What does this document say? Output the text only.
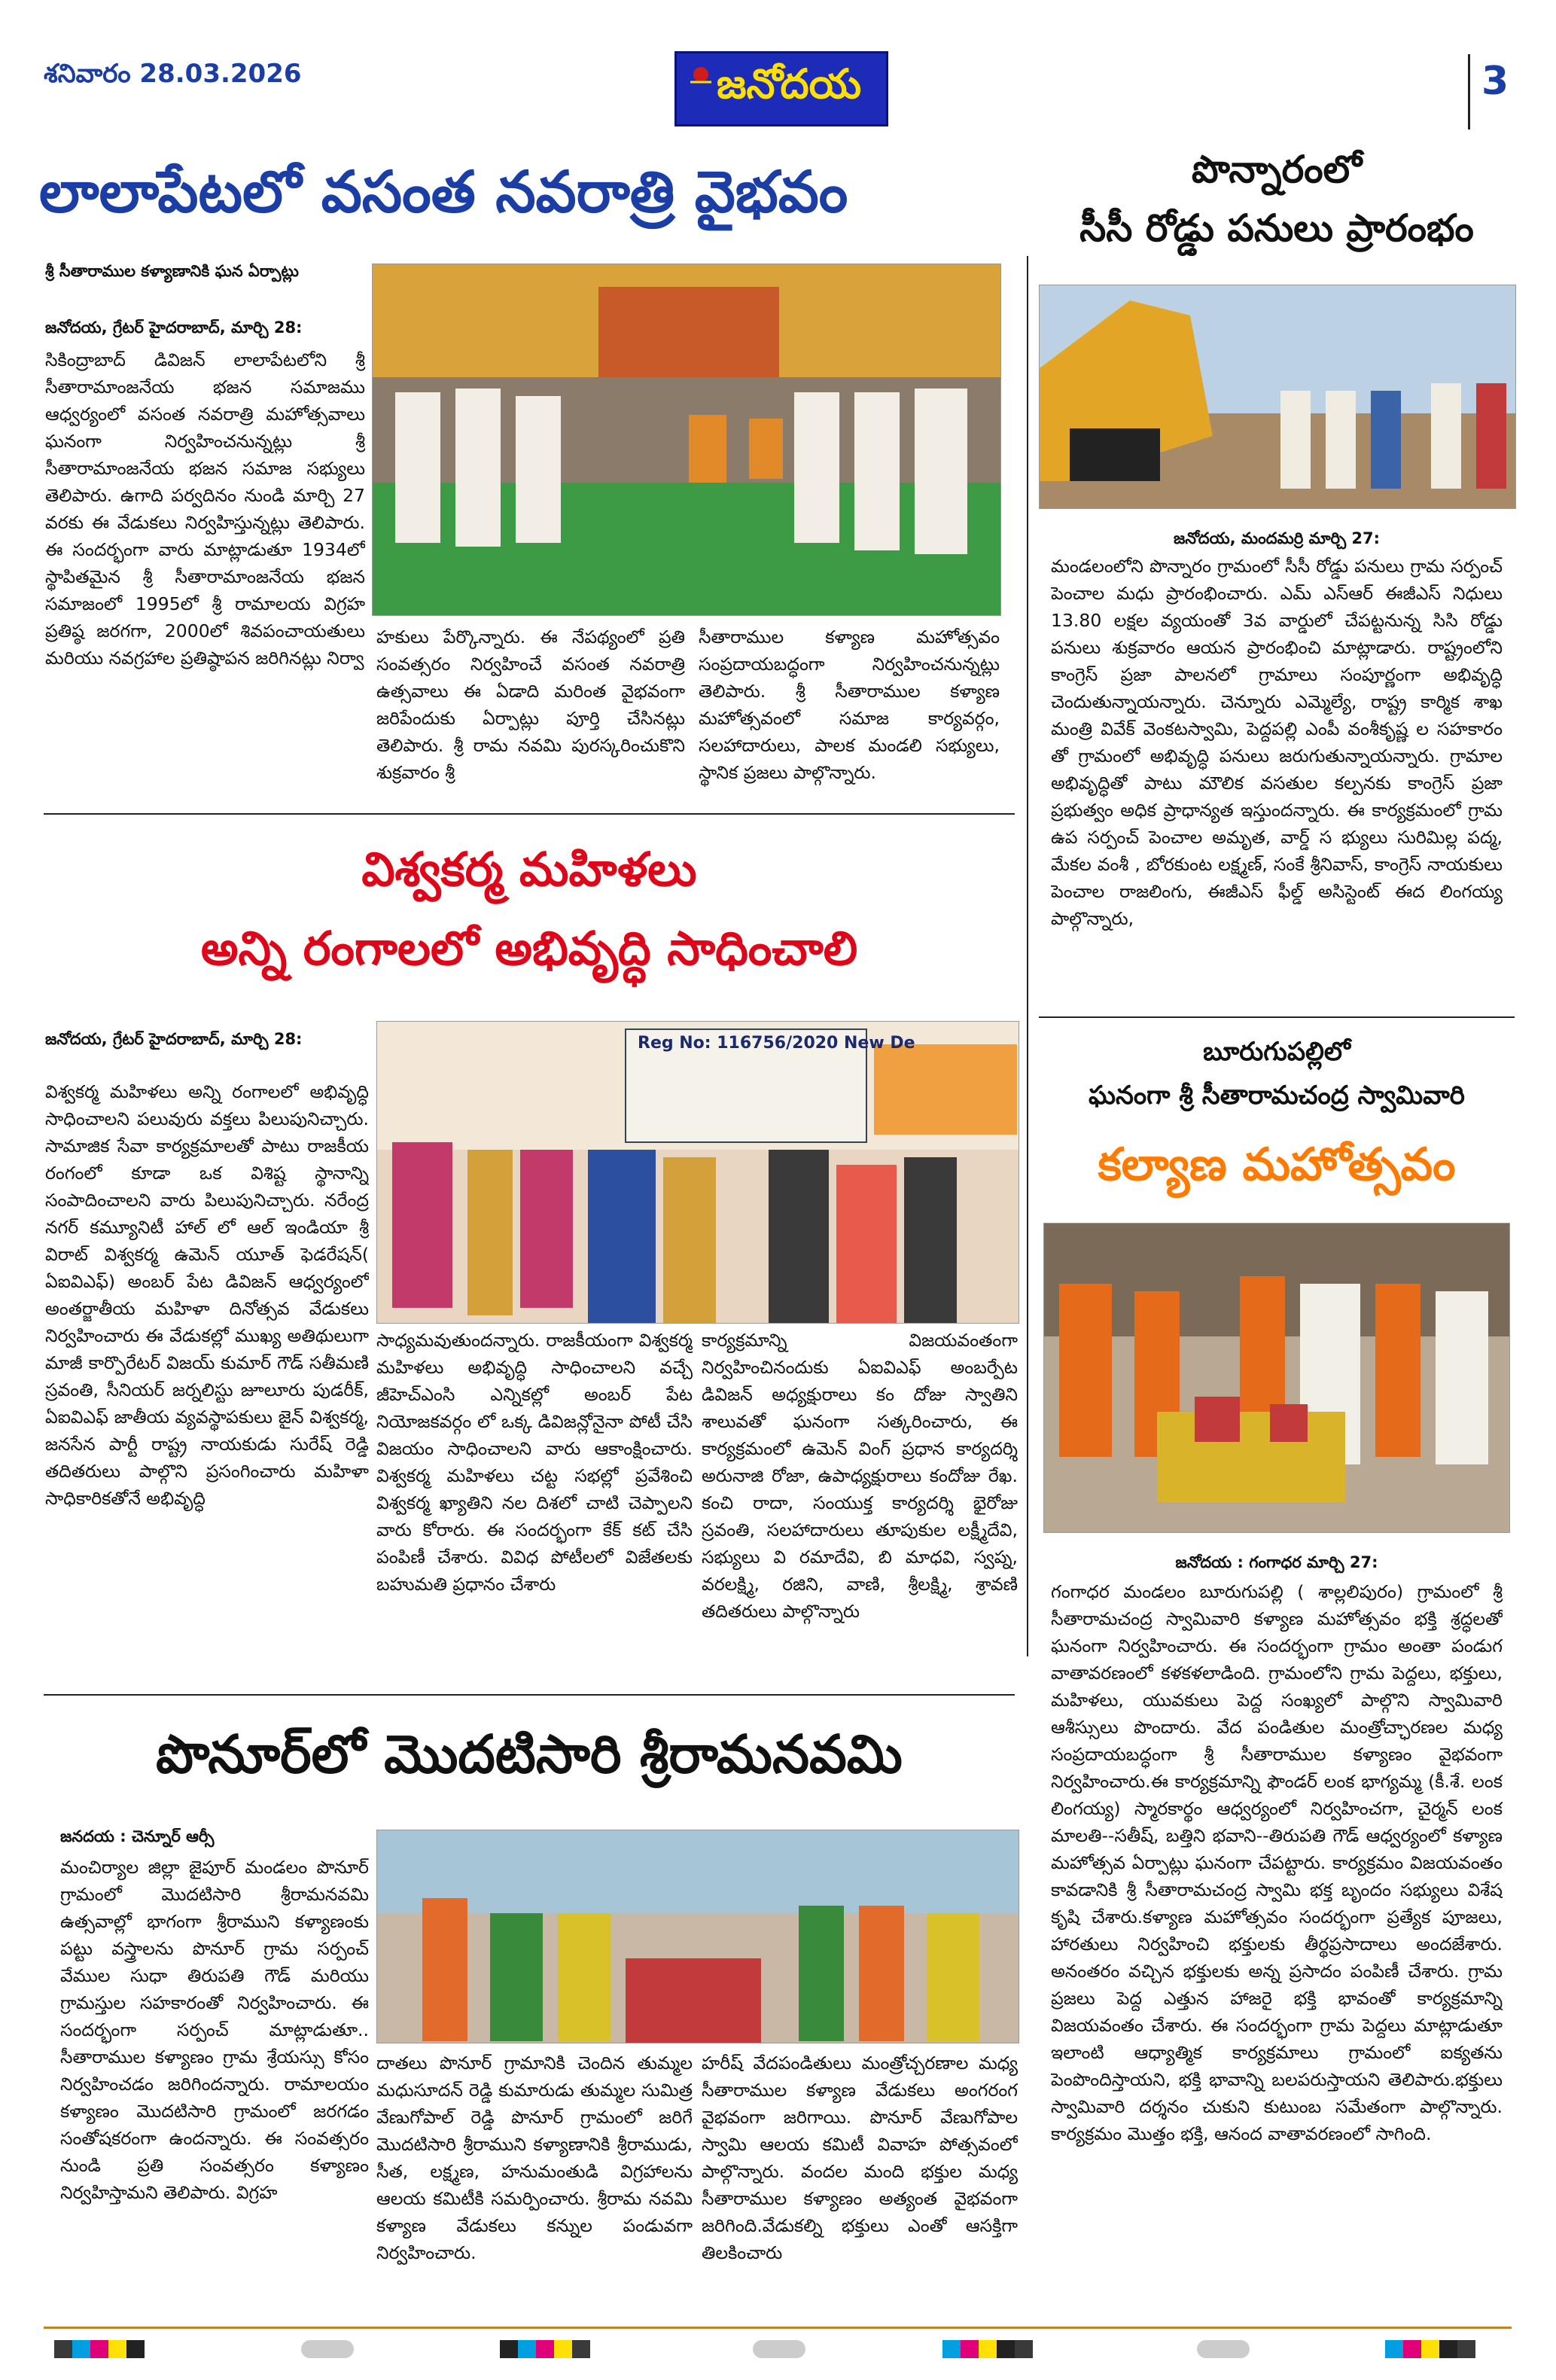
శనివారం 28.03.2026	జనోదయ	3
లాలాపేటలో వసంత నవరాత్రి వైభవం
శ్రీ సీతారాముల కళ్యాణానికి ఘన ఏర్పాట్లు
జనోదయ, గ్రేటర్ హైదరాబాద్, మార్చి 28:

సికింద్రాబాద్ డివిజన్ లాలాపేటలోని శ్రీ సీతారామాంజనేయ భజన సమాజము ఆధ్వర్యంలో వసంత నవరాత్రి మహోత్సవాలు ఘనంగా నిర్వహించనున్నట్లు శ్రీ సీతారామాంజనేయ భజన సమాజ సభ్యులు తెలిపారు. ఉగాది పర్వదినం నుండి మార్చి 27 వరకు ఈ వేడుకలు నిర్వహిస్తున్నట్లు తెలిపారు. ఈ సందర్భంగా వారు మాట్లాడుతూ 1934లో స్థాపితమైన శ్రీ సీతారామాంజనేయ భజన సమాజంలో 1995లో శ్రీ రామాలయ విగ్రహ ప్రతిష్ఠ జరగగా, 2000లో శివపంచాయతులు మరియు నవగ్రహాల ప్రతిష్ఠాపన జరిగినట్లు నిర్వా

హకులు పేర్కొన్నారు. ఈ నేపథ్యంలో ప్రతి సంవత్సరం నిర్వహించే వసంత నవరాత్రి ఉత్సవాలు ఈ ఏడాది మరింత వైభవంగా జరిపేందుకు ఏర్పాట్లు పూర్తి చేసినట్లు తెలిపారు. శ్రీ రామ నవమి పురస్కరించుకొని శుక్రవారం శ్రీ

సీతారాముల కళ్యాణ మహోత్సవం సంప్రదాయబద్ధంగా నిర్వహించనున్నట్లు తెలిపారు. శ్రీ సీతారాముల కళ్యాణ మహోత్సవంలో సమాజ కార్యవర్గం, సలహాదారులు, పాలక మండలి సభ్యులు, స్థానిక ప్రజలు పాల్గొన్నారు.

విశ్వకర్మ మహిళలు
అన్ని రంగాలలో అభివృద్ధి సాధించాలి
జనోదయ, గ్రేటర్ హైదరాబాద్, మార్చి 28:

విశ్వకర్మ మహిళలు అన్ని రంగాలలో అభివృద్ధి సాధించాలని పలువురు వక్తలు పిలుపునిచ్చారు. సామాజిక సేవా కార్యక్రమాలతో పాటు రాజకీయ రంగంలో కూడా ఒక విశిష్ట స్థానాన్ని సంపాదించాలని వారు పిలుపునిచ్చారు. నరేంద్ర నగర్ కమ్యూనిటీ హాల్ లో ఆల్ ఇండియా శ్రీ విరాట్ విశ్వకర్మ ఉమెన్ యూత్ ఫెడరేషన్( ఏఐవిఎఫ్) అంబర్ పేట డివిజన్ ఆధ్వర్యంలో అంతర్జాతీయ మహిళా దినోత్సవ వేడుకలు నిర్వహించారు ఈ వేడుకల్లో ముఖ్య అతిథులుగా మాజీ కార్పొరేటర్ విజయ్ కుమార్ గౌడ్ సతీమణి స్రవంతి, సీనియర్ జర్నలిస్టు జూలూరు పుడరీక్, ఏఐవిఎఫ్ జాతీయ వ్యవస్థాపకులు జైన్ విశ్వకర్మ, జనసేన పార్టీ రాష్ట్ర నాయకుడు సురేష్ రెడ్డి తదితరులు పాల్గొని ప్రసంగించారు మహిళా సాధికారికతోనే అభివృద్ధి

Reg No: 116756/2020 New De

సాధ్యమవుతుందన్నారు. రాజకీయంగా విశ్వకర్మ మహిళలు అభివృద్ధి సాధించాలని వచ్చే జీహెచ్ఎంసి ఎన్నికల్లో అంబర్ పేట నియోజకవర్గం లో ఒక్క డివిజన్లోనైనా పోటీ చేసి విజయం సాధించాలని వారు ఆకాంక్షించారు. విశ్వకర్మ మహిళలు చట్ట సభల్లో ప్రవేశించి విశ్వకర్మ ఖ్యాతిని నల దిశలో చాటి చెప్పాలని వారు కోరారు. ఈ సందర్భంగా కేక్ కట్ చేసి పంపిణీ చేశారు. వివిధ పోటీలలో విజేతలకు బహుమతి ప్రధానం చేశారు

కార్యక్రమాన్ని విజయవంతంగా నిర్వహించినందుకు ఏఐవిఎఫ్ అంబర్పేట డివిజన్ అధ్యక్షురాలు కం దోజు స్వాతిని శాలువతో ఘనంగా సత్కరించారు, ఈ కార్యక్రమంలో ఉమెన్ వింగ్ ప్రధాన కార్యదర్శి అరునాజి రోజా, ఉపాధ్యక్షురాలు కందోజు రేఖ. కంచి రాదా, సంయుక్త కార్యదర్శి భైరోజు స్రవంతి, సలహాదారులు తూపుకుల లక్ష్మీదేవి, సభ్యులు వి రమాదేవి, బి మాధవి, స్వప్న, వరలక్ష్మి, రజిని, వాణి, శ్రీలక్ష్మి, శ్రావణి తదితరులు పాల్గొన్నారు

పొనూర్‌లో మొదటిసారి శ్రీరామనవమి
జనదయ : చెన్నూర్ ఆర్సీ

మంచిర్యాల జిల్లా జైపూర్ మండలం పొనూర్ గ్రామంలో మొదటిసారి శ్రీరామనవమి ఉత్సవాల్లో భాగంగా శ్రీరాముని కళ్యాణంకు పట్టు వస్త్రాలను పొనూర్ గ్రామ సర్పంచ్ వేముల సుధా తిరుపతి గౌడ్ మరియు గ్రామస్తుల సహకారంతో నిర్వహించారు. ఈ సందర్భంగా సర్పంచ్ మాట్లాడుతూ.. సీతారాముల కళ్యాణం గ్రామ శ్రేయస్సు కోసం నిర్వహించడం జరిగిందన్నారు. రామాలయం కళ్యాణం మొదటిసారి గ్రామంలో జరగడం సంతోషకరంగా ఉందన్నారు. ఈ సంవత్సరం నుండి ప్రతి సంవత్సరం కళ్యాణం నిర్వహిస్తామని తెలిపారు. విగ్రహ

దాతలు పొనూర్ గ్రామానికి చెందిన తుమ్మల మధుసూదన్ రెడ్డి కుమారుడు తుమ్మల సుమిత్ర వేణుగోపాల్ రెడ్డి పొనూర్ గ్రామంలో జరిగే మొదటిసారి శ్రీరాముని కళ్యాణానికి శ్రీరాముడు, సీత, లక్ష్మణ, హనుమంతుడి విగ్రహాలను ఆలయ కమిటీకి సమర్పించారు. శ్రీరామ నవమి కళ్యాణ వేడుకలు కన్నుల పండువగా నిర్వహించారు.

హరీష్ వేదపండితులు మంత్రోచ్చరణాల మధ్య సీతారాముల కళ్యాణ వేడుకలు అంగరంగ వైభవంగా జరిగాయి. పొనూర్ వేణుగోపాల స్వామి ఆలయ కమిటీ వివాహ పోత్సవంలో పాల్గొన్నారు. వందల మంది భక్తుల మధ్య సీతారాముల కళ్యాణం అత్యంత వైభవంగా జరిగింది.వేడుకల్ని భక్తులు ఎంతో ఆసక్తిగా తిలకించారు

పొన్నారంలో
సీసీ రోడ్డు పనులు ప్రారంభం
జనోదయ, మందమర్రి మార్చి 27:

మండలంలోని పొన్నారం గ్రామంలో సీసీ రోడ్డు పనులు గ్రామ సర్పంచ్ పెంచాల మధు ప్రారంభించారు. ఎమ్ ఎస్ఆర్ ఈజీఎస్ నిధులు 13.80 లక్షల వ్యయంతో 3వ వార్డులో చేపట్టనున్న సిసి రోడ్డు పనులు శుక్రవారం ఆయన ప్రారంభించి మాట్లాడారు. రాష్ట్రంలోని కాంగ్రెస్ ప్రజా పాలనలో గ్రామాలు సంపూర్ణంగా అభివృద్ధి చెందుతున్నాయన్నారు. చెన్నూరు ఎమ్మెల్యే, రాష్ట్ర కార్మిక శాఖ మంత్రి వివేక్ వెంకటస్వామి, పెద్దపల్లి ఎంపీ వంశీకృష్ణ ల సహకారం తో గ్రామంలో అభివృద్ధి పనులు జరుగుతున్నాయన్నారు. గ్రామాల అభివృద్ధితో పాటు మౌలిక వసతుల కల్పనకు కాంగ్రెస్ ప్రజా ప్రభుత్వం అధిక ప్రాధాన్యత ఇస్తుందన్నారు. ఈ కార్యక్రమంలో గ్రామ ఉప సర్పంచ్ పెంచాల అమృత, వార్డ్ స భ్యులు సురిమిల్ల పద్మ, మేకల వంశీ , బోరకుంట లక్ష్మణ్, సంకే శ్రీనివాస్, కాంగ్రెస్ నాయకులు పెంచాల రాజలింగు, ఈజీఎస్ ఫీల్డ్ అసిస్టెంట్ ఈద లింగయ్య పాల్గొన్నారు,

బూరుగుపల్లిలో
ఘనంగా శ్రీ సీతారామచంద్ర స్వామివారి
కల్యాణ మహోత్సవం
జనోదయ : గంగాధర మార్చి 27:

గంగాధర మండలం బూరుగుపల్లి ( శాల్లలిపురం) గ్రామంలో శ్రీ సీతారామచంద్ర స్వామివారి కళ్యాణ మహోత్సవం భక్తి శ్రద్ధలతో ఘనంగా నిర్వహించారు. ఈ సందర్భంగా గ్రామం అంతా పండుగ వాతావరణంలో కళకళలాడింది. గ్రామంలోని గ్రామ పెద్దలు, భక్తులు, మహిళలు, యువకులు పెద్ద సంఖ్యలో పాల్గొని స్వామివారి ఆశీస్సులు పొందారు. వేద పండితుల మంత్రోచ్ఛారణల మధ్య సంప్రదాయబద్ధంగా శ్రీ సీతారాముల కళ్యాణం వైభవంగా నిర్వహించారు.ఈ కార్యక్రమాన్ని ఫౌండర్ లంక భాగ్యమ్మ (కీ.శే. లంక లింగయ్య) స్మారకార్థం ఆధ్వర్యంలో నిర్వహించగా, చైర్మన్ లంక మాలతి--సతీష్, బత్తిని భవాని--తిరుపతి గౌడ్ ఆధ్వర్యంలో కళ్యాణ మహోత్సవ ఏర్పాట్లు ఘనంగా చేపట్టారు. కార్యక్రమం విజయవంతం కావడానికి శ్రీ సీతారామచంద్ర స్వామి భక్త బృందం సభ్యులు విశేష కృషి చేశారు.కళ్యాణ మహోత్సవం సందర్భంగా ప్రత్యేక పూజలు, హారతులు నిర్వహించి భక్తులకు తీర్థప్రసాదాలు అందజేశారు. అనంతరం వచ్చిన భక్తులకు అన్న ప్రసాదం పంపిణీ చేశారు. గ్రామ ప్రజలు పెద్ద ఎత్తున హాజరై భక్తి భావంతో కార్యక్రమాన్ని విజయవంతం చేశారు. ఈ సందర్భంగా గ్రామ పెద్దలు మాట్లాడుతూ ఇలాంటి ఆధ్యాత్మిక కార్యక్రమాలు గ్రామంలో ఐక్యతను పెంపొందిస్తాయని, భక్తి భావాన్ని బలపరుస్తాయని తెలిపారు.భక్తులు స్వామివారి దర్శనం చుకుని కుటుంబ సమేతంగా పాల్గొన్నారు. కార్యక్రమం మొత్తం భక్తి, ఆనంద వాతావరణంలో సాగింది.
